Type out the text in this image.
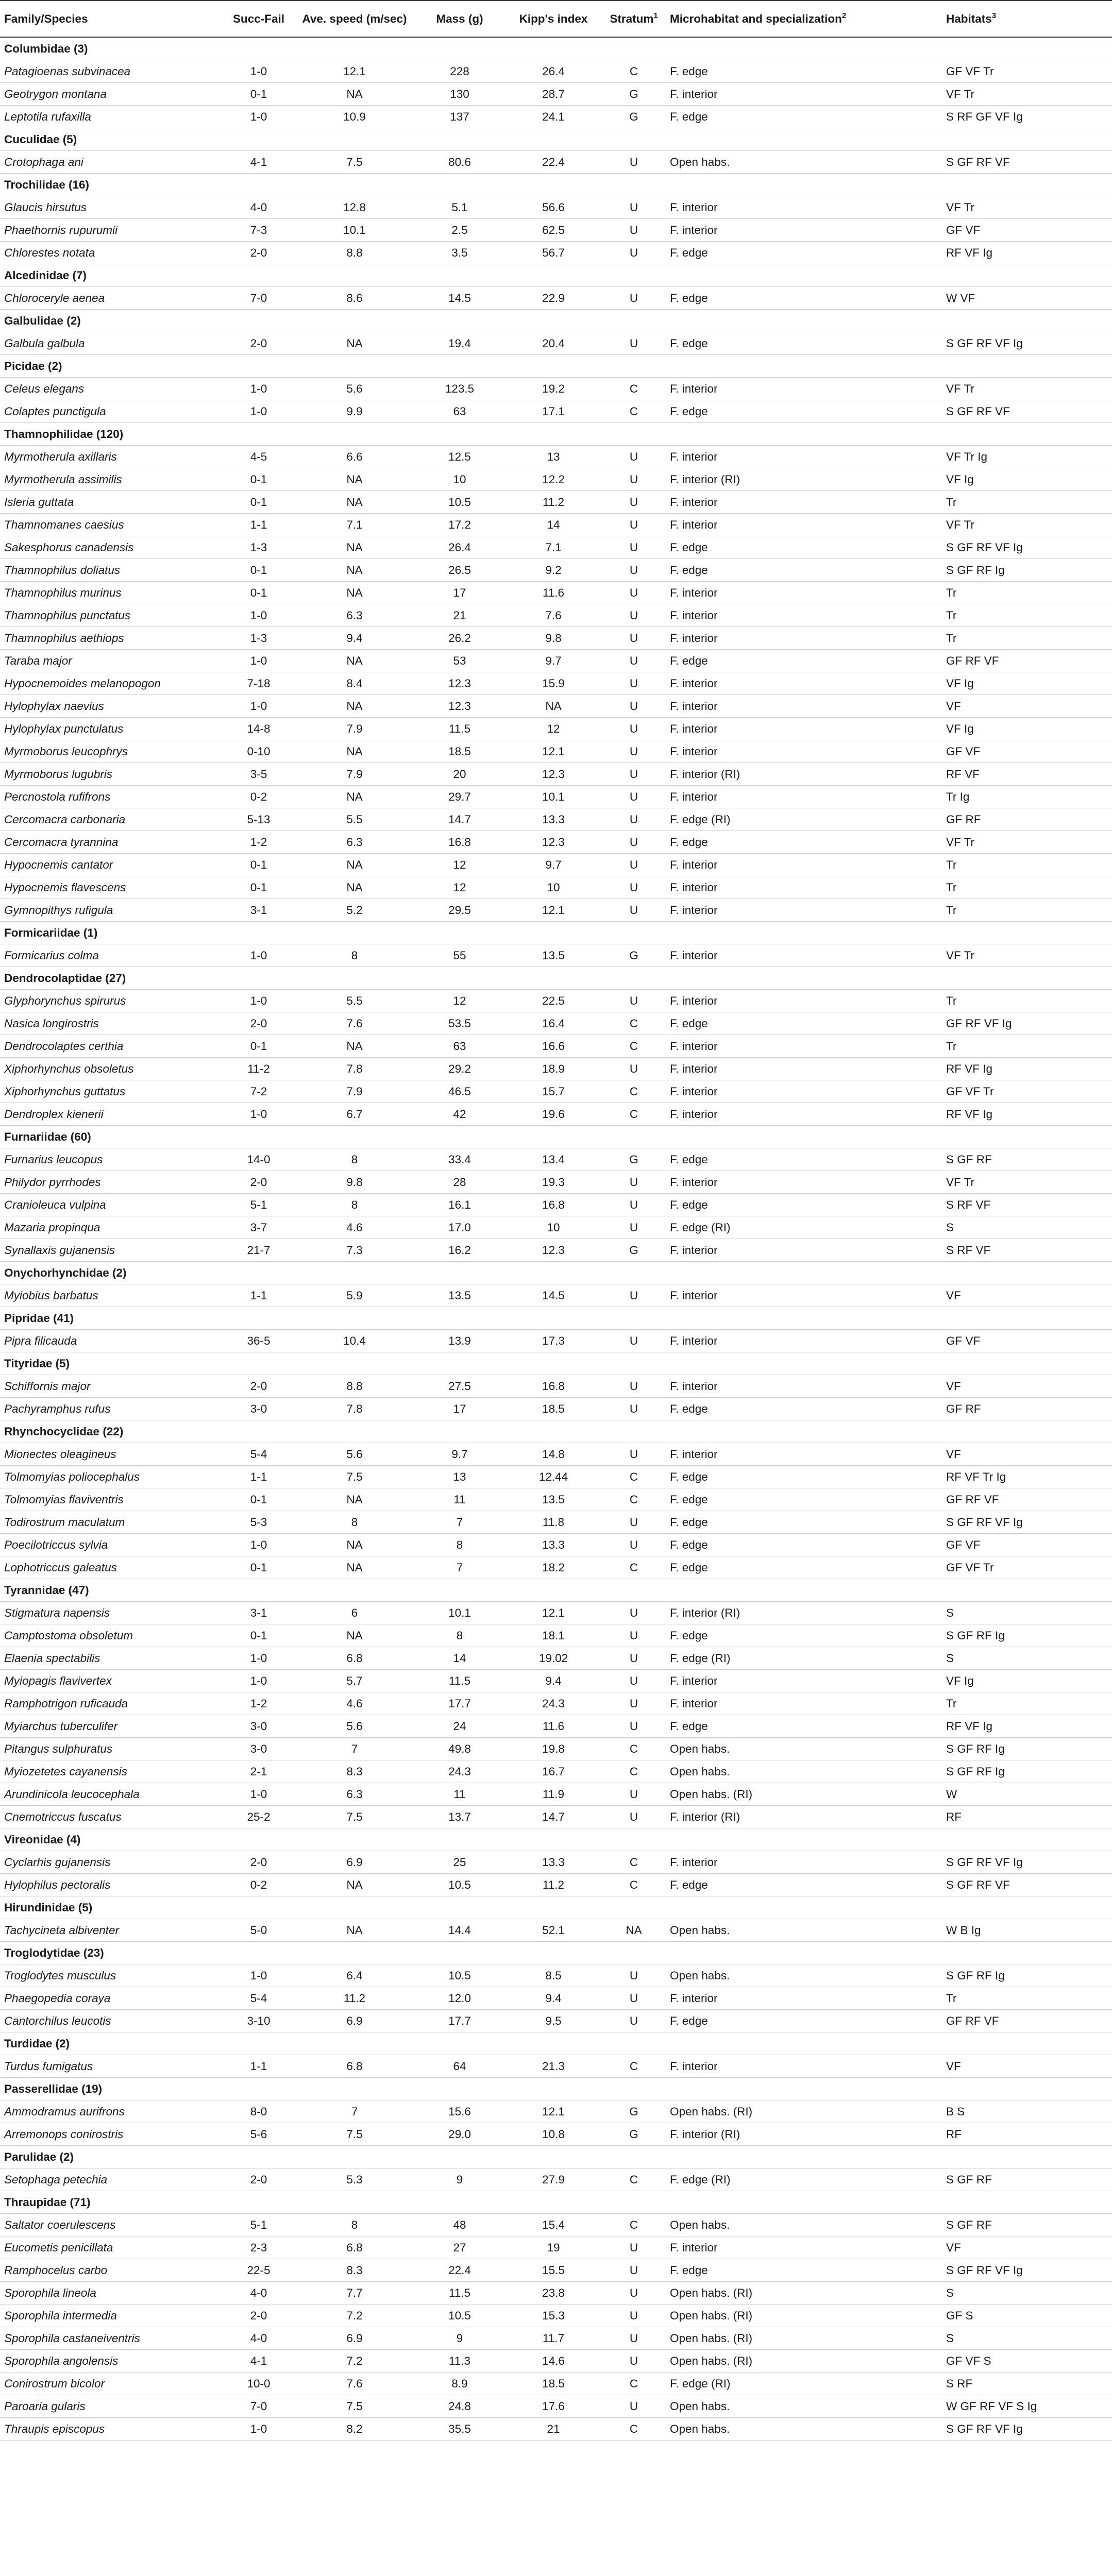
Family/Species	Succ-Fail	Ave. speed (m/sec)	Mass (g)	Kipp's index	Stratum$^1$	Microhabitat and specialization$^2$	Habitats$^3$
Columbidae (3)							
Patagioenas subvinacea	1-0	12.1	228	26.4	C	F. edge	GF VF Tr
Geotrygon montana	0-1	NA	130	28.7	G	F. interior	VF Tr
Leptotila rufaxilla	1-0	10.9	137	24.1	G	F. edge	S RF GF VF Ig
Cuculidae (5)							
Crotophaga ani	4-1	7.5	80.6	22.4	U	Open habs.	S GF RF VF
Trochilidae (16)							
Glaucis hirsutus	4-0	12.8	5.1	56.6	U	F. interior	VF Tr
Phaethornis rupurumii	7-3	10.1	2.5	62.5	U	F. interior	GF VF
Chlorestes notata	2-0	8.8	3.5	56.7	U	F. edge	RF VF Ig
Alcedinidae (7)							
Chloroceryle aenea	7-0	8.6	14.5	22.9	U	F. edge	W VF
Galbulidae (2)							
Galbula galbula	2-0	NA	19.4	20.4	U	F. edge	S GF RF VF Ig
Picidae (2)							
Celeus elegans	1-0	5.6	123.5	19.2	C	F. interior	VF Tr
Colaptes punctigula	1-0	9.9	63	17.1	C	F. edge	S GF RF VF
Thamnophilidae (120)							
Myrmotherula axillaris	4-5	6.6	12.5	13	U	F. interior	VF Tr Ig
Myrmotherula assimilis	0-1	NA	10	12.2	U	F. interior (RI)	VF Ig
Isleria guttata	0-1	NA	10.5	11.2	U	F. interior	Tr
Thamnomanes caesius	1-1	7.1	17.2	14	U	F. interior	VF Tr
Sakesphorus canadensis	1-3	NA	26.4	7.1	U	F. edge	S GF RF VF Ig
Thamnophilus doliatus	0-1	NA	26.5	9.2	U	F. edge	S GF RF Ig
Thamnophilus murinus	0-1	NA	17	11.6	U	F. interior	Tr
Thamnophilus punctatus	1-0	6.3	21	7.6	U	F. interior	Tr
Thamnophilus aethiops	1-3	9.4	26.2	9.8	U	F. interior	Tr
Taraba major	1-0	NA	53	9.7	U	F. edge	GF RF VF
Hypocnemoides melanopogon	7-18	8.4	12.3	15.9	U	F. interior	VF Ig
Hylophylax naevius	1-0	NA	12.3	NA	U	F. interior	VF
Hylophylax punctulatus	14-8	7.9	11.5	12	U	F. interior	VF Ig
Myrmoborus leucophrys	0-10	NA	18.5	12.1	U	F. interior	GF VF
Myrmoborus lugubris	3-5	7.9	20	12.3	U	F. interior (RI)	RF VF
Percnostola rufifrons	0-2	NA	29.7	10.1	U	F. interior	Tr Ig
Cercomacra carbonaria	5-13	5.5	14.7	13.3	U	F. edge (RI)	GF RF
Cercomacra tyrannina	1-2	6.3	16.8	12.3	U	F. edge	VF Tr
Hypocnemis cantator	0-1	NA	12	9.7	U	F. interior	Tr
Hypocnemis flavescens	0-1	NA	12	10	U	F. interior	Tr
Gymnopithys rufigula	3-1	5.2	29.5	12.1	U	F. interior	Tr
Formicariidae (1)							
Formicarius colma	1-0	8	55	13.5	G	F. interior	VF Tr
Dendrocolaptidae (27)							
Glyphorynchus spirurus	1-0	5.5	12	22.5	U	F. interior	Tr
Nasica longirostris	2-0	7.6	53.5	16.4	C	F. edge	GF RF VF Ig
Dendrocolaptes certhia	0-1	NA	63	16.6	C	F. interior	Tr
Xiphorhynchus obsoletus	11-2	7.8	29.2	18.9	U	F. interior	RF VF Ig
Xiphorhynchus guttatus	7-2	7.9	46.5	15.7	C	F. interior	GF VF Tr
Dendroplex kienerii	1-0	6.7	42	19.6	C	F. interior	RF VF Ig
Furnariidae (60)							
Furnarius leucopus	14-0	8	33.4	13.4	G	F. edge	S GF RF
Philydor pyrrhodes	2-0	9.8	28	19.3	U	F. interior	VF Tr
Cranioleuca vulpina	5-1	8	16.1	16.8	U	F. edge	S RF VF
Mazaria propinqua	3-7	4.6	17.0	10	U	F. edge (RI)	S
Synallaxis gujanensis	21-7	7.3	16.2	12.3	G	F. interior	S RF VF
Onychorhynchidae (2)							
Myiobius barbatus	1-1	5.9	13.5	14.5	U	F. interior	VF
Pipridae (41)							
Pipra filicauda	36-5	10.4	13.9	17.3	U	F. interior	GF VF
Tityridae (5)							
Schiffornis major	2-0	8.8	27.5	16.8	U	F. interior	VF
Pachyramphus rufus	3-0	7.8	17	18.5	U	F. edge	GF RF
Rhynchocyclidae (22)							
Mionectes oleagineus	5-4	5.6	9.7	14.8	U	F. interior	VF
Tolmomyias poliocephalus	1-1	7.5	13	12.44	C	F. edge	RF VF Tr Ig
Tolmomyias flaviventris	0-1	NA	11	13.5	C	F. edge	GF RF VF
Todirostrum maculatum	5-3	8	7	11.8	U	F. edge	S GF RF VF Ig
Poecilotriccus sylvia	1-0	NA	8	13.3	U	F. edge	GF VF
Lophotriccus galeatus	0-1	NA	7	18.2	C	F. edge	GF VF Tr
Tyrannidae (47)							
Stigmatura napensis	3-1	6	10.1	12.1	U	F. interior (RI)	S
Camptostoma obsoletum	0-1	NA	8	18.1	U	F. edge	S GF RF Ig
Elaenia spectabilis	1-0	6.8	14	19.02	U	F. edge (RI)	S
Myiopagis flavivertex	1-0	5.7	11.5	9.4	U	F. interior	VF Ig
Ramphotrigon ruficauda	1-2	4.6	17.7	24.3	U	F. interior	Tr
Myiarchus tuberculifer	3-0	5.6	24	11.6	U	F. edge	RF VF Ig
Pitangus sulphuratus	3-0	7	49.8	19.8	C	Open habs.	S GF RF Ig
Myiozetetes cayanensis	2-1	8.3	24.3	16.7	C	Open habs.	S GF RF Ig
Arundinicola leucocephala	1-0	6.3	11	11.9	U	Open habs. (RI)	W
Cnemotriccus fuscatus	25-2	7.5	13.7	14.7	U	F. interior (RI)	RF
Vireonidae (4)							
Cyclarhis gujanensis	2-0	6.9	25	13.3	C	F. interior	S GF RF VF Ig
Hylophilus pectoralis	0-2	NA	10.5	11.2	C	F. edge	S GF RF VF
Hirundinidae (5)							
Tachycineta albiventer	5-0	NA	14.4	52.1	NA	Open habs.	W B Ig
Troglodytidae (23)							
Troglodytes musculus	1-0	6.4	10.5	8.5	U	Open habs.	S GF RF Ig
Phaegopedia coraya	5-4	11.2	12.0	9.4	U	F. interior	Tr
Cantorchilus leucotis	3-10	6.9	17.7	9.5	U	F. edge	GF RF VF
Turdidae (2)							
Turdus fumigatus	1-1	6.8	64	21.3	C	F. interior	VF
Passerellidae (19)							
Ammodramus aurifrons	8-0	7	15.6	12.1	G	Open habs. (RI)	B S
Arremonops conirostris	5-6	7.5	29.0	10.8	G	F. interior (RI)	RF
Parulidae (2)							
Setophaga petechia	2-0	5.3	9	27.9	C	F. edge (RI)	S GF RF
Thraupidae (71)							
Saltator coerulescens	5-1	8	48	15.4	C	Open habs.	S GF RF
Eucometis penicillata	2-3	6.8	27	19	U	F. interior	VF
Ramphocelus carbo	22-5	8.3	22.4	15.5	U	F. edge	S GF RF VF Ig
Sporophila lineola	4-0	7.7	11.5	23.8	U	Open habs. (RI)	S
Sporophila intermedia	2-0	7.2	10.5	15.3	U	Open habs. (RI)	GF S
Sporophila castaneiventris	4-0	6.9	9	11.7	U	Open habs. (RI)	S
Sporophila angolensis	4-1	7.2	11.3	14.6	U	Open habs. (RI)	GF VF S
Conirostrum bicolor	10-0	7.6	8.9	18.5	C	F. edge (RI)	S RF
Paroaria gularis	7-0	7.5	24.8	17.6	U	Open habs.	W GF RF VF S Ig
Thraupis episcopus	1-0	8.2	35.5	21	C	Open habs.	S GF RF VF Ig
